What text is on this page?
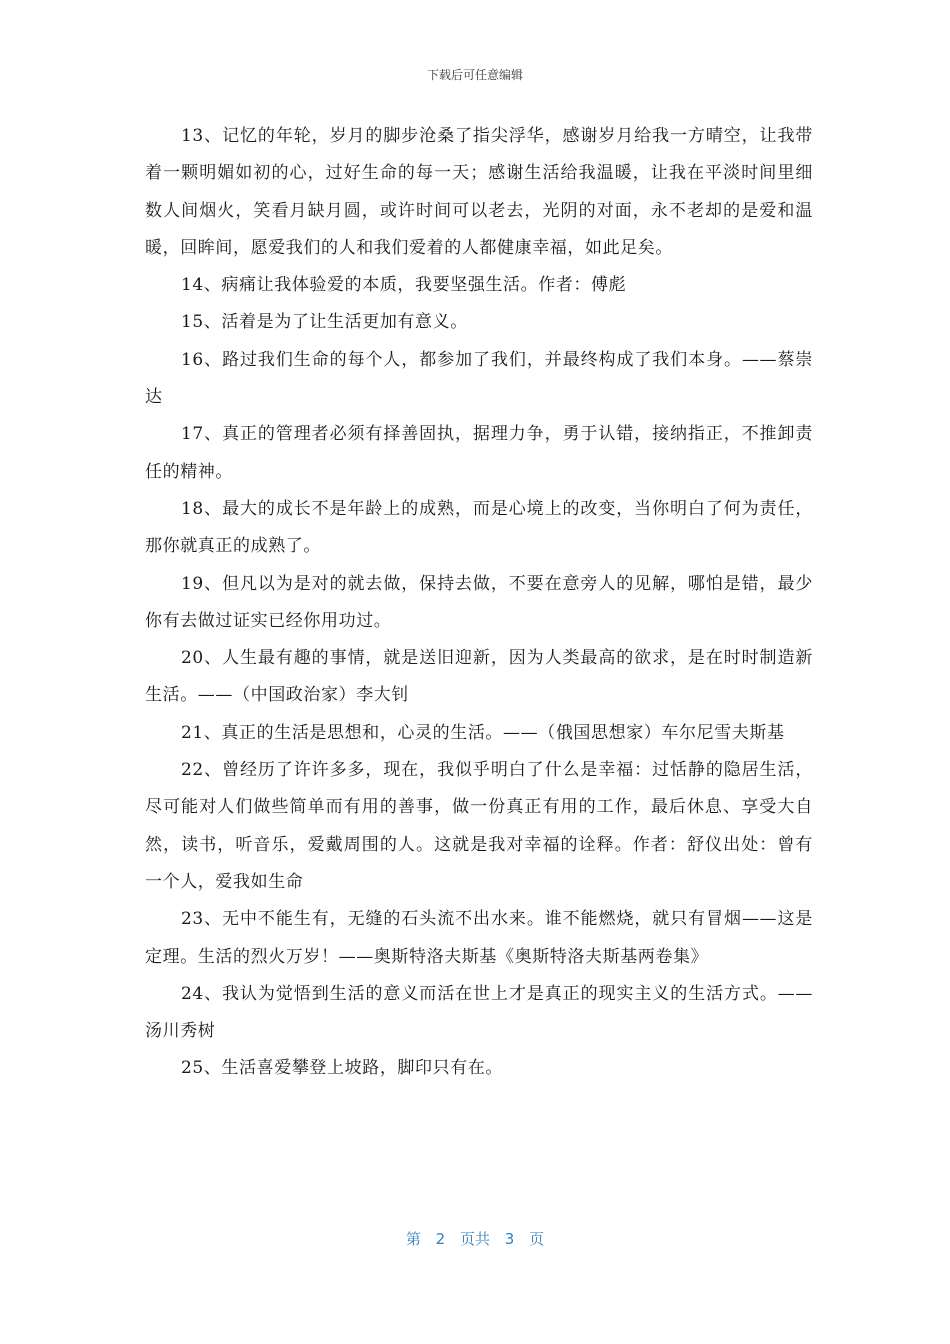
下载后可任意编辑

13、记忆的年轮，岁月的脚步沧桑了指尖浮华，感谢岁月给我一方晴空，让我带着一颗明媚如初的心，过好生命的每一天；感谢生活给我温暖，让我在平淡时间里细数人间烟火，笑看月缺月圆，或许时间可以老去，光阴的对面，永不老却的是爱和温暖，回眸间，愿爱我们的人和我们爱着的人都健康幸福，如此足矣。

14、病痛让我体验爱的本质，我要坚强生活。作者：傅彪

15、活着是为了让生活更加有意义。

16、路过我们生命的每个人，都参加了我们，并最终构成了我们本身。——蔡崇达

17、真正的管理者必须有择善固执，据理力争，勇于认错，接纳指正，不推卸责任的精神。

18、最大的成长不是年龄上的成熟，而是心境上的改变，当你明白了何为责任，那你就真正的成熟了。

19、但凡以为是对的就去做，保持去做，不要在意旁人的见解，哪怕是错，最少你有去做过证实已经你用功过。

20、人生最有趣的事情，就是送旧迎新，因为人类最高的欲求，是在时时制造新生活。——（中国政治家）李大钊

21、真正的生活是思想和，心灵的生活。——（俄国思想家）车尔尼雪夫斯基

22、曾经历了许许多多，现在，我似乎明白了什么是幸福：过恬静的隐居生活，尽可能对人们做些简单而有用的善事，做一份真正有用的工作，最后休息、享受大自然，读书，听音乐，爱戴周围的人。这就是我对幸福的诠释。作者：舒仪出处：曾有一个人，爱我如生命

23、无中不能生有，无缝的石头流不出水来。谁不能燃烧，就只有冒烟——这是定理。生活的烈火万岁！——奥斯特洛夫斯基《奥斯特洛夫斯基两卷集》

24、我认为觉悟到生活的意义而活在世上才是真正的现实主义的生活方式。——汤川秀树

25、生活喜爱攀登上坡路，脚印只有在。

第 2 页共 3 页
